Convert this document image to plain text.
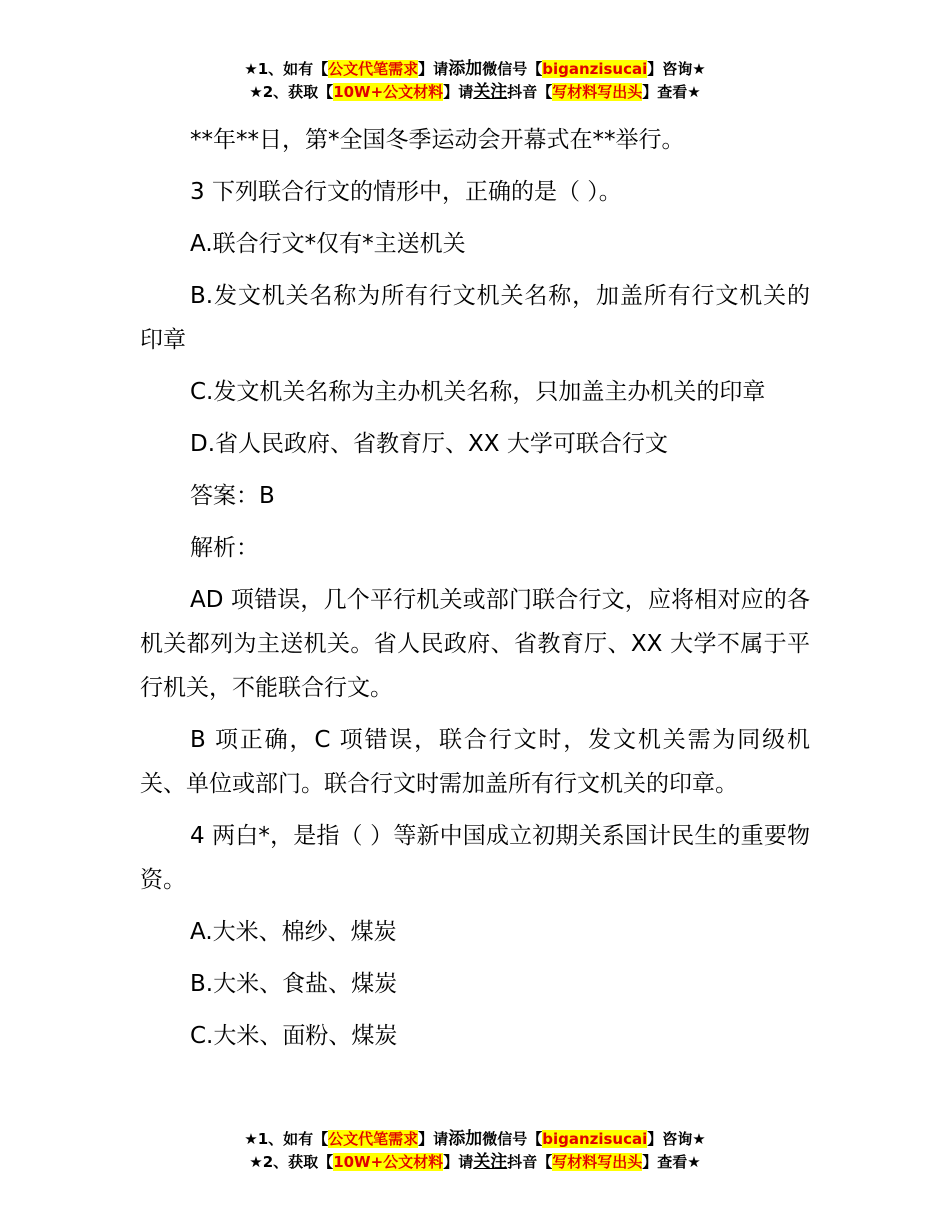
★1、如有【公文代笔需求】请添加微信号【biganzisucai】咨询★
★2、获取【10W+公文材料】请关注抖音【写材料写出头】查看★

**年**日，第*全国冬季运动会开幕式在**举行。

3 下列联合行文的情形中，正确的是（ ）。

A.联合行文*仅有*主送机关

B.发文机关名称为所有行文机关名称，加盖所有行文机关的印章

C.发文机关名称为主办机关名称，只加盖主办机关的印章

D.省人民政府、省教育厅、XX 大学可联合行文

答案：B

解析：

AD 项错误，几个平行机关或部门联合行文，应将相对应的各机关都列为主送机关。省人民政府、省教育厅、XX 大学不属于平行机关，不能联合行文。

B 项正确，C 项错误，联合行文时，发文机关需为同级机关、单位或部门。联合行文时需加盖所有行文机关的印章。

4 两白*，是指（ ）等新中国成立初期关系国计民生的重要物资。

A.大米、棉纱、煤炭

B.大米、食盐、煤炭

C.大米、面粉、煤炭

★1、如有【公文代笔需求】请添加微信号【biganzisucai】咨询★
★2、获取【10W+公文材料】请关注抖音【写材料写出头】查看★
